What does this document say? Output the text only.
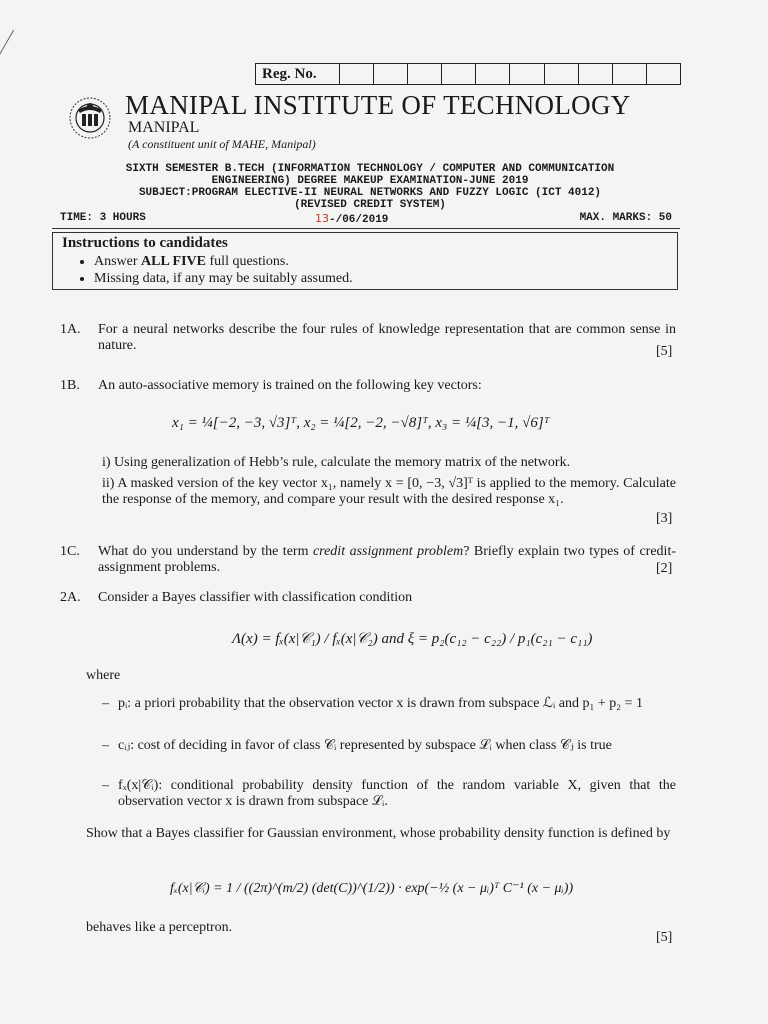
Reg. No.
MANIPAL INSTITUTE OF TECHNOLOGY
MANIPAL
(A constituent unit of MAHE, Manipal)
SIXTH SEMESTER B.TECH (INFORMATION TECHNOLOGY / COMPUTER AND COMMUNICATION
ENGINEERING) DEGREE MAKEUP EXAMINATION-JUNE 2019
SUBJECT:PROGRAM ELECTIVE-II NEURAL NETWORKS AND FUZZY LOGIC (ICT 4012)
(REVISED CREDIT SYSTEM)
TIME: 3 HOURS	13-/06/2019	MAX. MARKS: 50
Instructions to candidates
• Answer ALL FIVE full questions.
• Missing data, if any may be suitably assumed.
1A. For a neural networks describe the four rules of knowledge representation that are common sense in nature.	[5]
1B. An auto-associative memory is trained on the following key vectors:
x₁ = ¼[−2, −3, √3]ᵀ, x₂ = ¼[2, −2, −√8]ᵀ, x₃ = ¼[3, −1, √6]ᵀ
i) Using generalization of Hebb’s rule, calculate the memory matrix of the network.
ii) A masked version of the key vector x₁, namely x = [0, −3, √3]ᵀ is applied to the memory. Calculate the response of the memory, and compare your result with the desired response x₁.
[3]
1C. What do you understand by the term credit assignment problem? Briefly explain two types of credit-assignment problems.	[2]
2A. Consider a Bayes classifier with classification condition
Λ(x) = fₓ(x|𝒞₁) / fₓ(x|𝒞₂) and ξ = p₂(c₁₂ − c₂₂) / p₁(c₂₁ − c₁₁)
where
– pᵢ: a priori probability that the observation vector x is drawn from subspace ℒᵢ and p₁ + p₂ = 1
– cᵢⱼ: cost of deciding in favor of class 𝒞ᵢ represented by subspace ℒᵢ when class 𝒞ⱼ is true
– fₓ(x|𝒞ᵢ): conditional probability density function of the random variable X, given that the observation vector x is drawn from subspace ℒᵢ.
Show that a Bayes classifier for Gaussian environment, whose probability density function is defined by
fₓ(x|𝒞ᵢ) = 1 / ((2π)^(m/2) (det(C))^(1/2)) · exp(−½ (x − μᵢ)ᵀ C⁻¹ (x − μᵢ))
behaves like a perceptron.
[5]
